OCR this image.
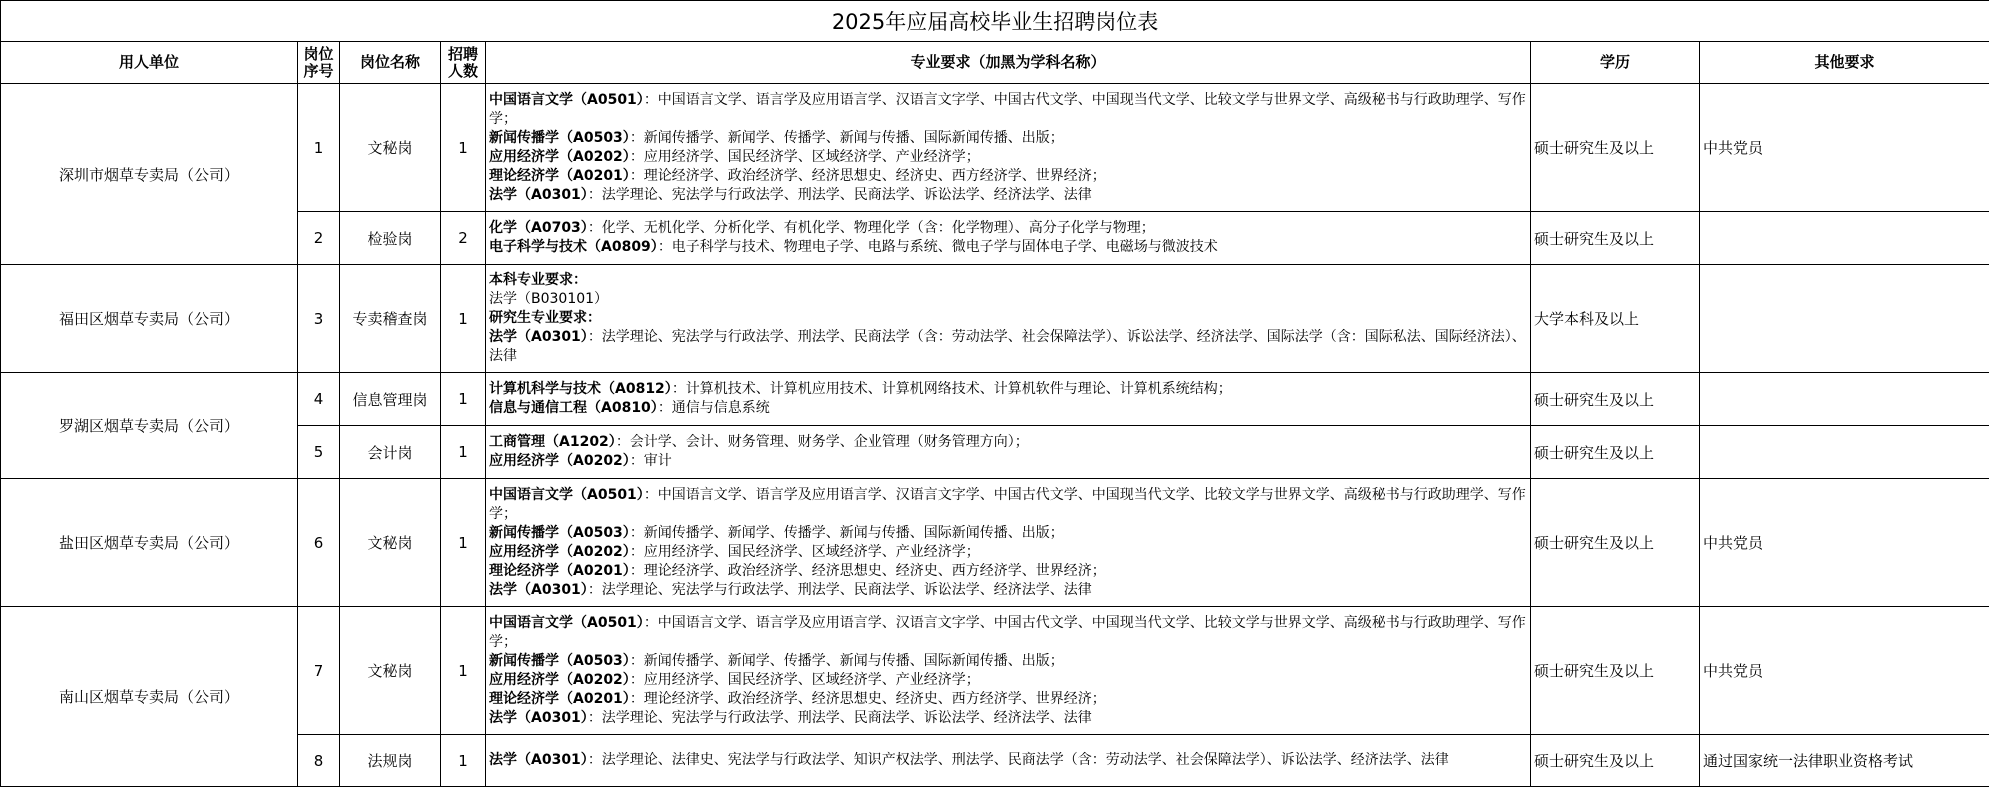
2025年应届高校毕业生招聘岗位表						
用人单位	岗位序号	岗位名称	招聘人数	专业要求（加黑为学科名称）	学历	其他要求
深圳市烟草专卖局（公司）	1	文秘岗	1	中国语言文学（A0501）：中国语言文学、语言学及应用语言学、汉语言文字学、中国古代文学、中国现当代文学、比较文学与世界文学、高级秘书与行政助理学、写作学；
新闻传播学（A0503）：新闻传播学、新闻学、传播学、新闻与传播、国际新闻传播、出版；
应用经济学（A0202）：应用经济学、国民经济学、区域经济学、产业经济学；
理论经济学（A0201）：理论经济学、政治经济学、经济思想史、经济史、西方经济学、世界经济；
法学（A0301）：法学理论、宪法学与行政法学、刑法学、民商法学、诉讼法学、经济法学、法律	硕士研究生及以上	中共党员
	2	检验岗	2	化学（A0703）：化学、无机化学、分析化学、有机化学、物理化学（含：化学物理）、高分子化学与物理；
电子科学与技术（A0809）：电子科学与技术、物理电子学、电路与系统、微电子学与固体电子学、电磁场与微波技术	硕士研究生及以上	
福田区烟草专卖局（公司）	3	专卖稽查岗	1	本科专业要求：
法学（B030101）
研究生专业要求：
法学（A0301）：法学理论、宪法学与行政法学、刑法学、民商法学（含：劳动法学、社会保障法学）、诉讼法学、经济法学、国际法学（含：国际私法、国际经济法）、法律	大学本科及以上	
罗湖区烟草专卖局（公司）	4	信息管理岗	1	计算机科学与技术（A0812）：计算机技术、计算机应用技术、计算机网络技术、计算机软件与理论、计算机系统结构；
信息与通信工程（A0810）：通信与信息系统	硕士研究生及以上	
	5	会计岗	1	工商管理（A1202）：会计学、会计、财务管理、财务学、企业管理（财务管理方向）；
应用经济学（A0202）：审计	硕士研究生及以上	
盐田区烟草专卖局（公司）	6	文秘岗	1	中国语言文学（A0501）：中国语言文学、语言学及应用语言学、汉语言文字学、中国古代文学、中国现当代文学、比较文学与世界文学、高级秘书与行政助理学、写作学；
新闻传播学（A0503）：新闻传播学、新闻学、传播学、新闻与传播、国际新闻传播、出版；
应用经济学（A0202）：应用经济学、国民经济学、区域经济学、产业经济学；
理论经济学（A0201）：理论经济学、政治经济学、经济思想史、经济史、西方经济学、世界经济；
法学（A0301）：法学理论、宪法学与行政法学、刑法学、民商法学、诉讼法学、经济法学、法律	硕士研究生及以上	中共党员
南山区烟草专卖局（公司）	7	文秘岗	1	中国语言文学（A0501）：中国语言文学、语言学及应用语言学、汉语言文字学、中国古代文学、中国现当代文学、比较文学与世界文学、高级秘书与行政助理学、写作学；
新闻传播学（A0503）：新闻传播学、新闻学、传播学、新闻与传播、国际新闻传播、出版；
应用经济学（A0202）：应用经济学、国民经济学、区域经济学、产业经济学；
理论经济学（A0201）：理论经济学、政治经济学、经济思想史、经济史、西方经济学、世界经济；
法学（A0301）：法学理论、宪法学与行政法学、刑法学、民商法学、诉讼法学、经济法学、法律	硕士研究生及以上	中共党员
	8	法规岗	1	法学（A0301）：法学理论、法律史、宪法学与行政法学、知识产权法学、刑法学、民商法学（含：劳动法学、社会保障法学）、诉讼法学、经济法学、法律	硕士研究生及以上	通过国家统一法律职业资格考试
